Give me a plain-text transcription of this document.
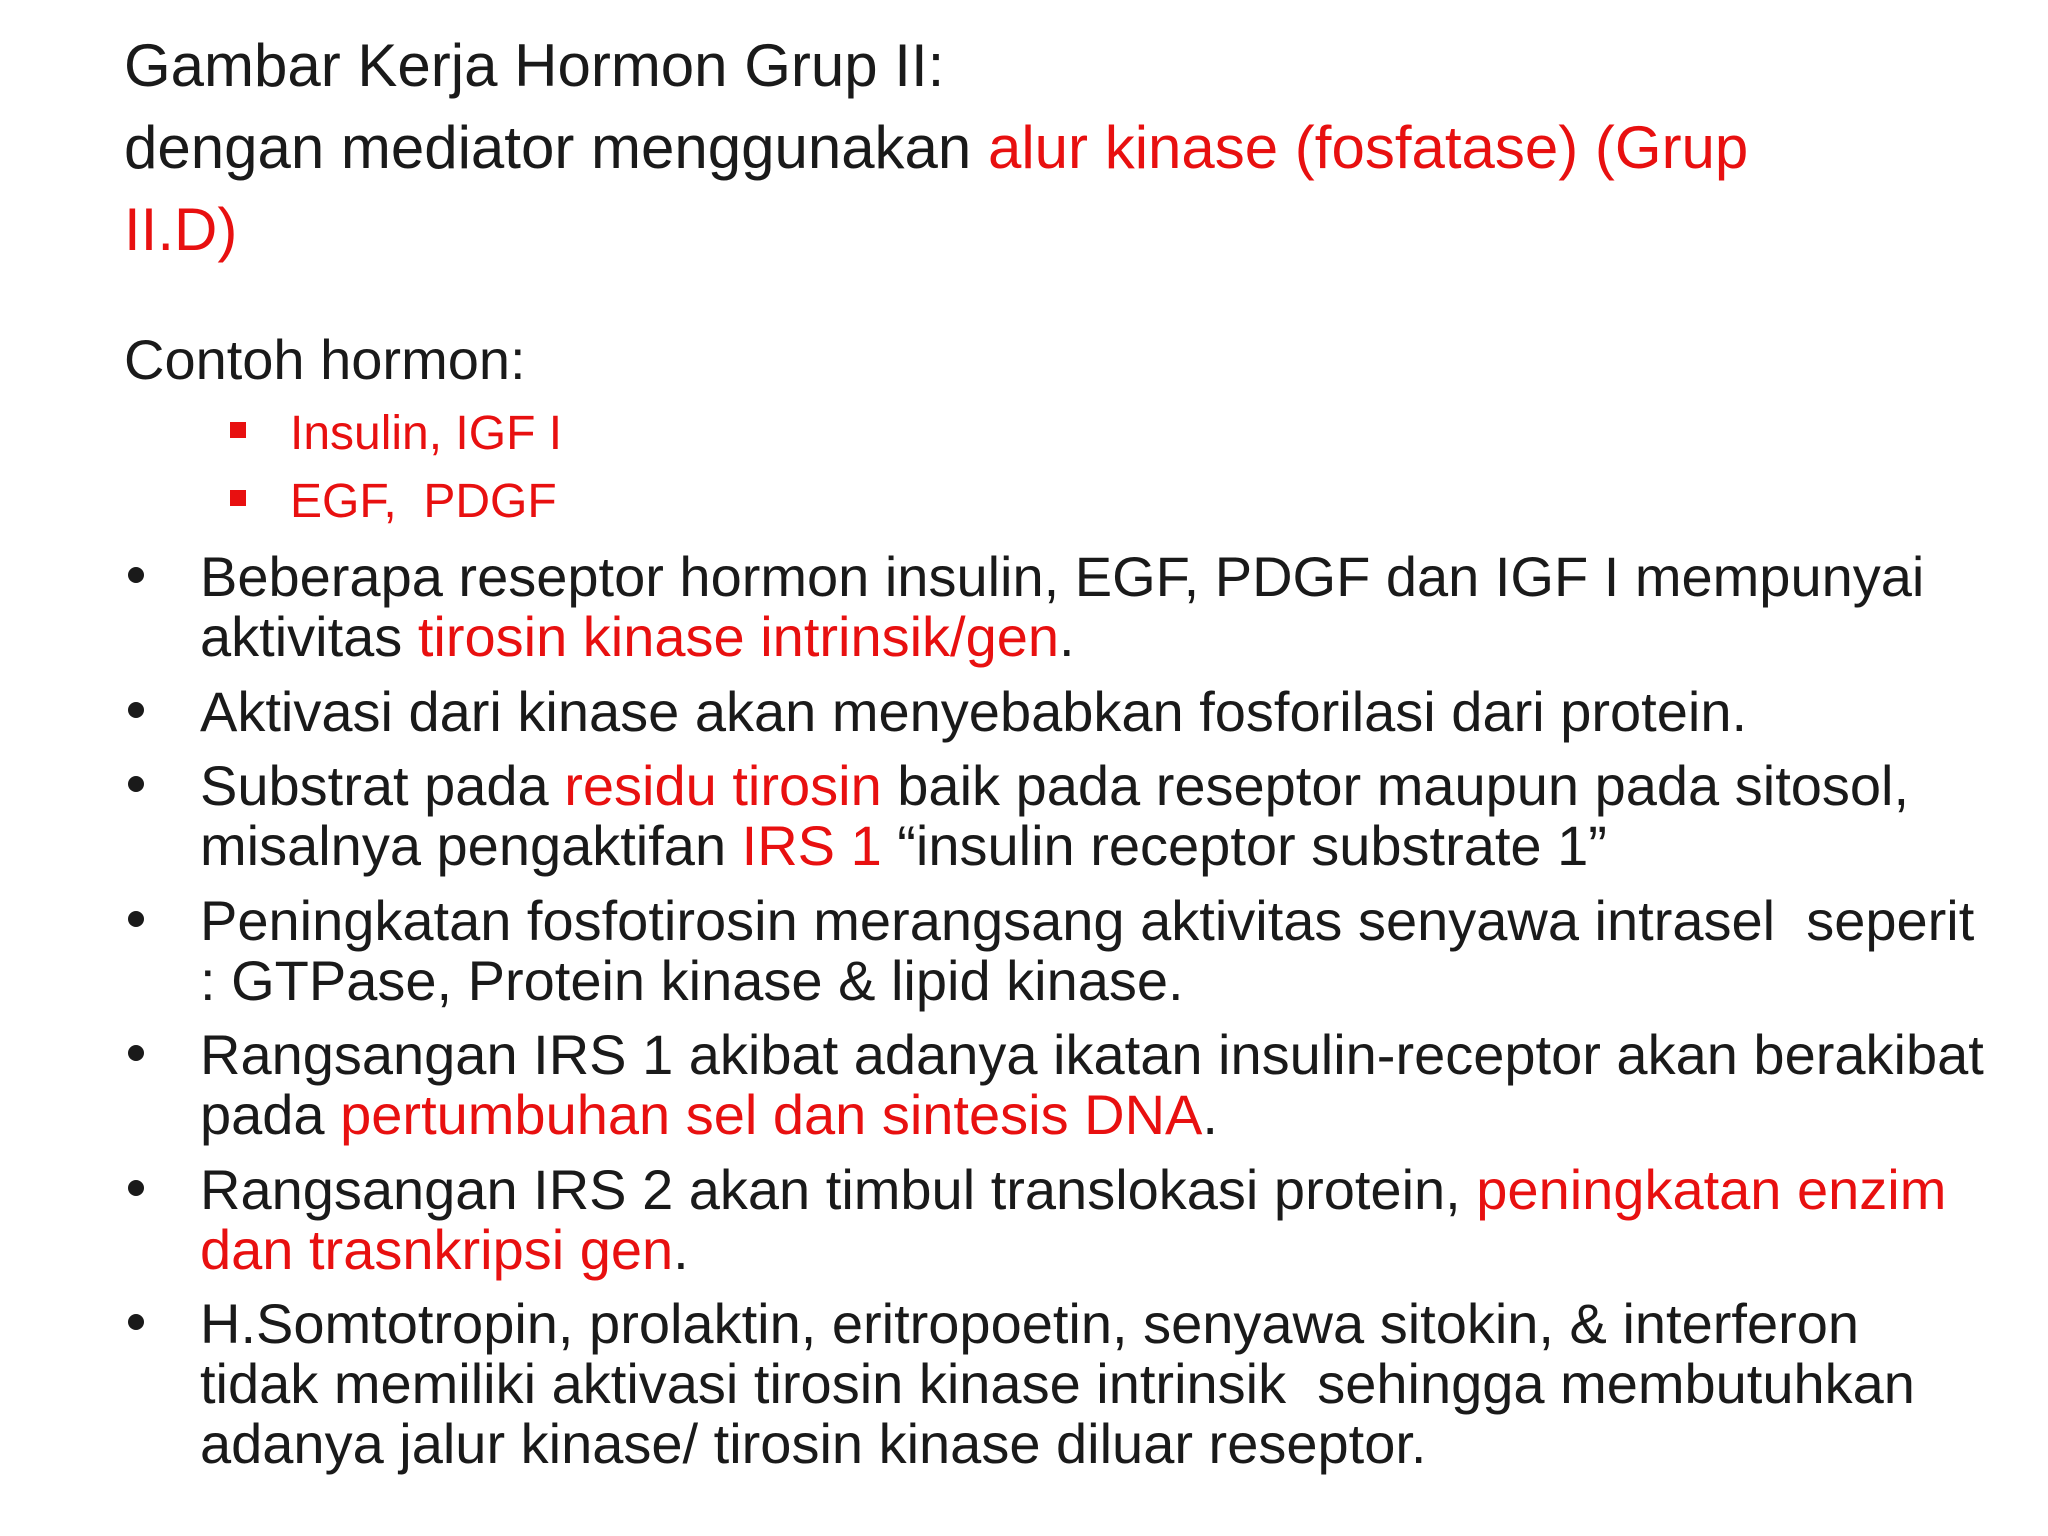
Gambar Kerja Hormon Grup II:
dengan mediator menggunakan alur kinase (fosfatase) (Grup
II.D)
Contoh hormon:
Insulin, IGF I
EGF,  PDGF
Beberapa reseptor hormon insulin, EGF, PDGF dan IGF I mempunyai
aktivitas tirosin kinase intrinsik/gen.
Aktivasi dari kinase akan menyebabkan fosforilasi dari protein.
Substrat pada residu tirosin baik pada reseptor maupun pada sitosol,
misalnya pengaktifan IRS 1 “insulin receptor substrate 1”
Peningkatan fosfotirosin merangsang aktivitas senyawa intrasel  seperit
: GTPase, Protein kinase & lipid kinase.
Rangsangan IRS 1 akibat adanya ikatan insulin-receptor akan berakibat
pada pertumbuhan sel dan sintesis DNA.
Rangsangan IRS 2 akan timbul translokasi protein, peningkatan enzim
dan trasnkripsi gen.
H.Somtotropin, prolaktin, eritropoetin, senyawa sitokin, & interferon
tidak memiliki aktivasi tirosin kinase intrinsik  sehingga membutuhkan
adanya jalur kinase/ tirosin kinase diluar reseptor.
